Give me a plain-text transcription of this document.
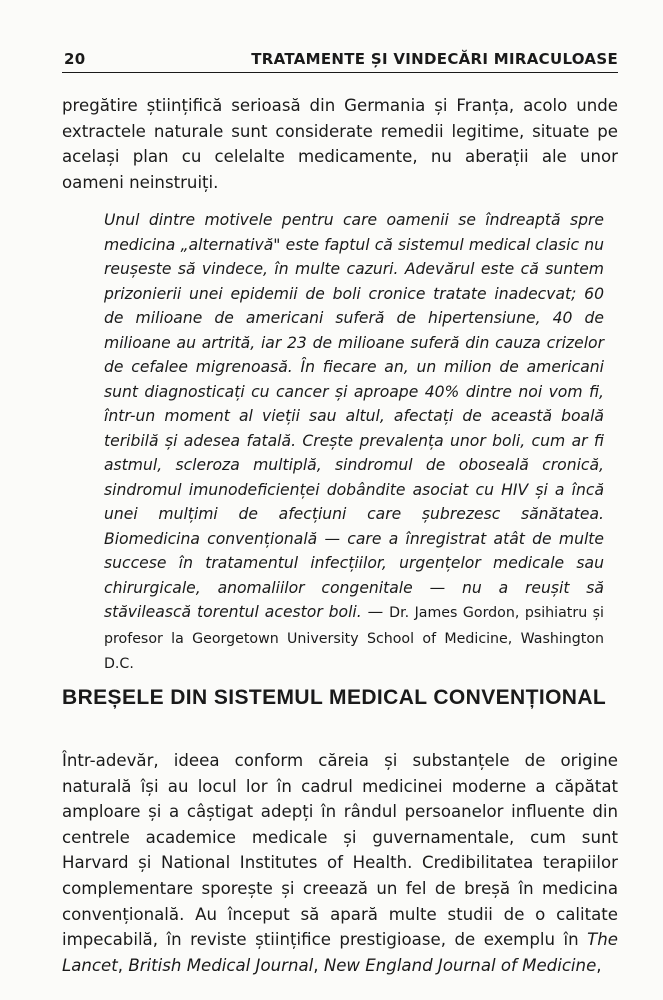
20	TRATAMENTE ȘI VINDECĂRI MIRACULOASE

pregătire științifică serioasă din Germania și Franța, acolo unde extractele naturale sunt considerate remedii legitime, situate pe același plan cu celelalte medicamente, nu aberații ale unor oameni neinstruiți.

Unul dintre motivele pentru care oamenii se îndreaptă spre medicina „alternativă" este faptul că sistemul medical clasic nu reușeste să vindece, în multe cazuri. Adevărul este că suntem prizonierii unei epidemii de boli cronice tratate inadecvat; 60 de milioane de americani suferă de hipertensiune, 40 de milioane au artrită, iar 23 de milioane suferă din cauza crizelor de cefalee migrenoasă. În fiecare an, un milion de americani sunt diagnosticați cu cancer și aproape 40% dintre noi vom fi, într-un moment al vieții sau altul, afectați de această boală teribilă și adesea fatală. Crește prevalența unor boli, cum ar fi astmul, scleroza multiplă, sindromul de oboseală cronică, sindromul imunodeficienței dobândite asociat cu HIV și a încă unei mulțimi de afecțiuni care șubrezesc sănătatea. Biomedicina convențională — care a înregistrat atât de multe succese în tratamentul infecțiilor, urgențelor medicale sau chirurgicale, anomaliilor congenitale — nu a reușit să stăvilească torentul acestor boli. — Dr. James Gordon, psihiatru și profesor la Georgetown University School of Medicine, Washington D.C.

BREȘELE DIN SISTEMUL MEDICAL CONVENȚIONAL

Într-adevăr, ideea conform căreia și substanțele de origine naturală își au locul lor în cadrul medicinei moderne a căpătat amploare și a câștigat adepți în rândul persoanelor influente din centrele academice medicale și guvernamentale, cum sunt Harvard și National Institutes of Health. Credibilitatea terapiilor complementare sporește și creează un fel de breșă în medicina convențională. Au început să apară multe studii de o calitate impecabilă, în reviste științifice prestigioase, de exemplu în The Lancet, British Medical Journal, New England Journal of Medicine,
